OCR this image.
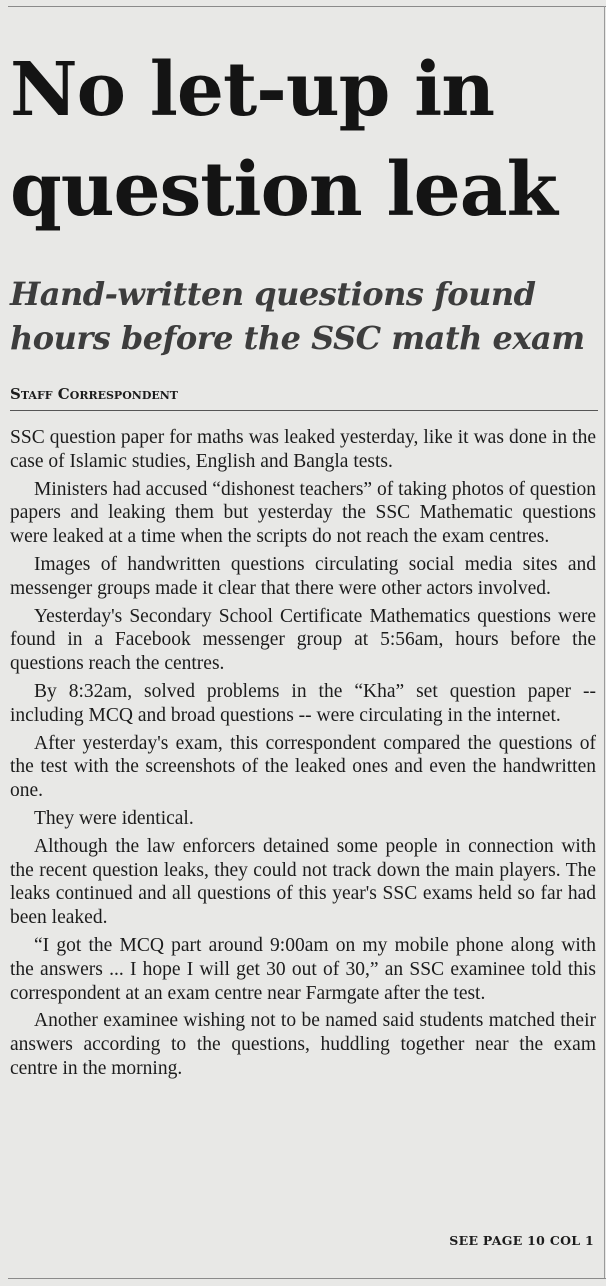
No let-up in question leak
Hand-written questions found hours before the SSC math exam
Staff Correspondent

SSC question paper for maths was leaked yesterday, like it was done in the case of Islamic studies, English and Bangla tests.

Ministers had accused “dishonest teachers” of taking photos of question papers and leaking them but yesterday the SSC Mathematic questions were leaked at a time when the scripts do not reach the exam centres.

Images of handwritten questions circulating social media sites and messenger groups made it clear that there were other actors involved.

Yesterday's Secondary School Certificate Mathematics questions were found in a Facebook messenger group at 5:56am, hours before the questions reach the centres.

By 8:32am, solved problems in the “Kha” set question paper -- including MCQ and broad questions -- were circulating in the internet.

After yesterday's exam, this correspondent compared the questions of the test with the screenshots of the leaked ones and even the handwritten one.

They were identical.

Although the law enforcers detained some people in connection with the recent question leaks, they could not track down the main players. The leaks continued and all questions of this year's SSC exams held so far had been leaked.

“I got the MCQ part around 9:00am on my mobile phone along with the answers ... I hope I will get 30 out of 30,” an SSC examinee told this correspondent at an exam centre near Farmgate after the test.

Another examinee wishing not to be named said students matched their answers according to the questions, huddling together near the exam centre in the morning.

SEE PAGE 10 COL 1
